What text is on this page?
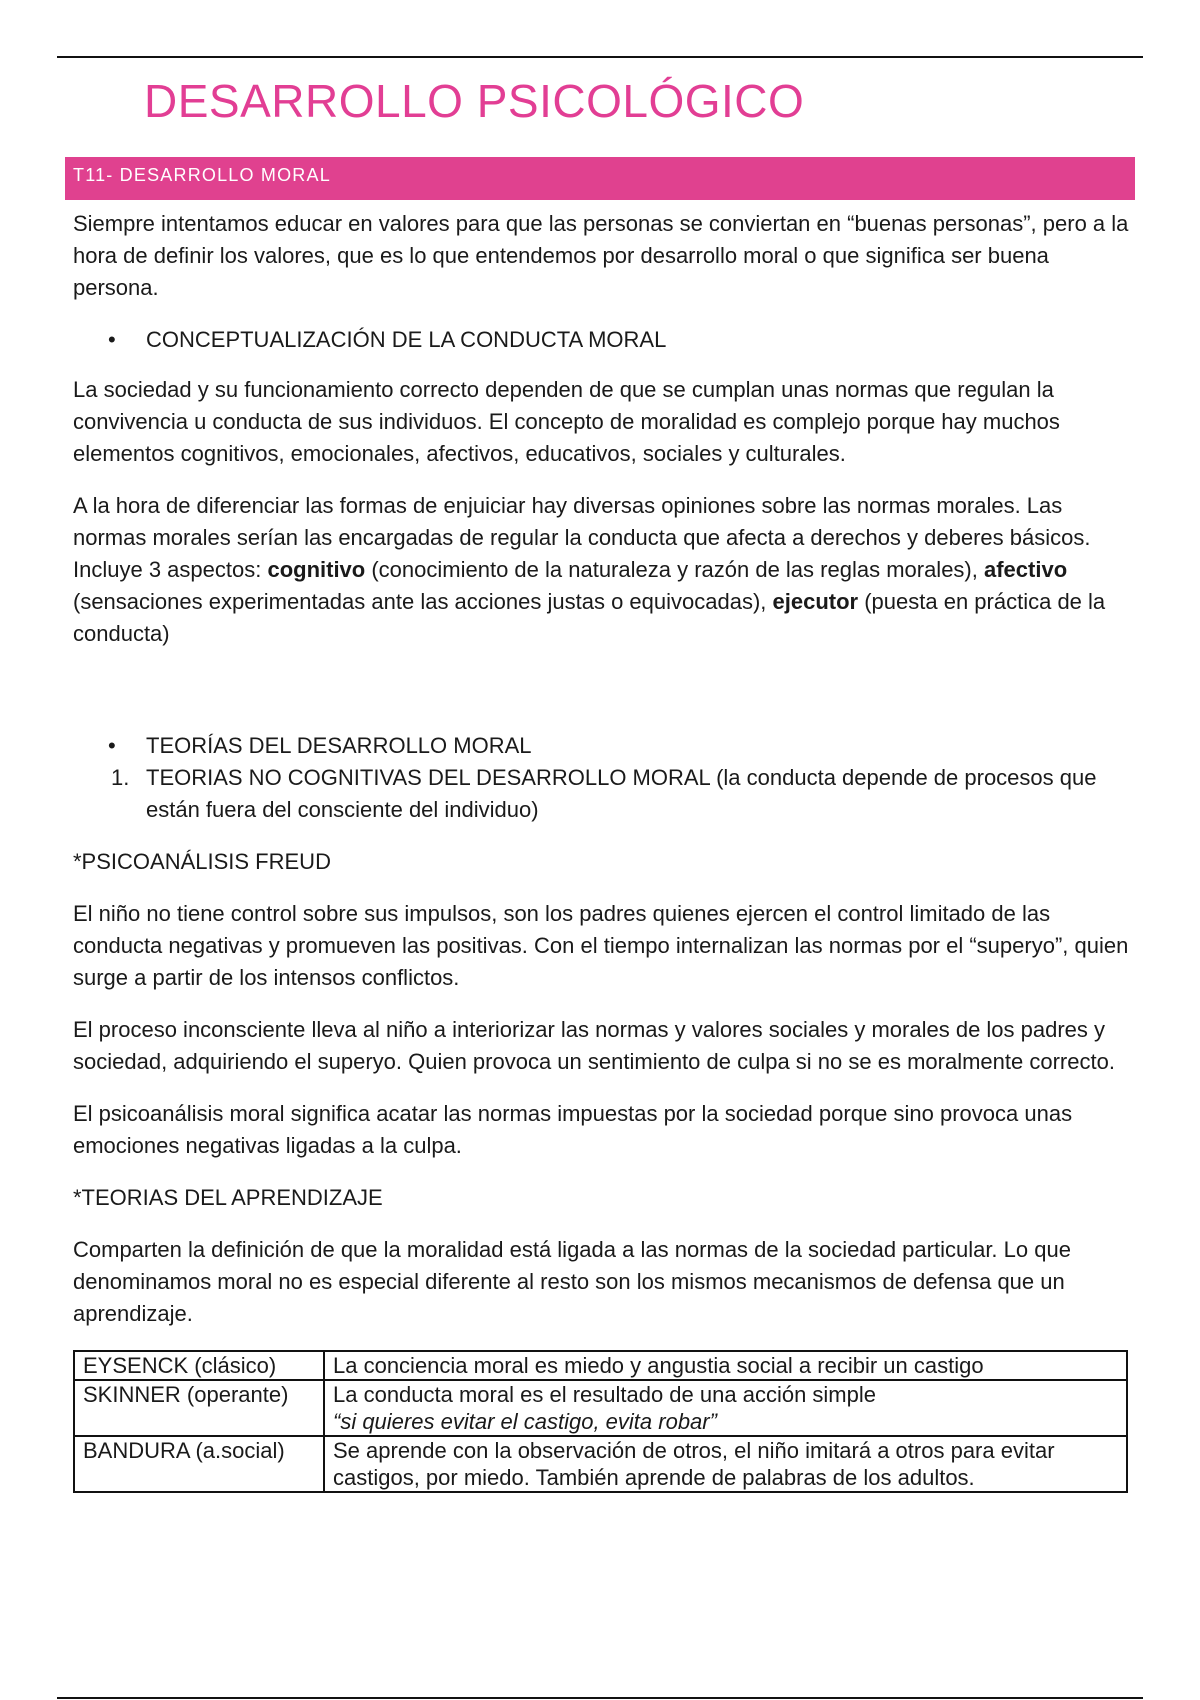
DESARROLLO PSICOLÓGICO
T11- DESARROLLO MORAL

Siempre intentamos educar en valores para que las personas se conviertan en “buenas personas”, pero a la hora de definir los valores, que es lo que entendemos por desarrollo moral o que significa ser buena persona.

• CONCEPTUALIZACIÓN DE LA CONDUCTA MORAL

La sociedad y su funcionamiento correcto dependen de que se cumplan unas normas que regulan la convivencia u conducta de sus individuos. El concepto de moralidad es complejo porque hay muchos elementos cognitivos, emocionales, afectivos, educativos, sociales y culturales.

A la hora de diferenciar las formas de enjuiciar hay diversas opiniones sobre las normas morales. Las normas morales serían las encargadas de regular la conducta que afecta a derechos y deberes básicos. Incluye 3 aspectos: cognitivo (conocimiento de la naturaleza y razón de las reglas morales), afectivo (sensaciones experimentadas ante las acciones justas o equivocadas), ejecutor (puesta en práctica de la conducta)

• TEORÍAS DEL DESARROLLO MORAL
1. TEORIAS NO COGNITIVAS DEL DESARROLLO MORAL (la conducta depende de procesos que están fuera del consciente del individuo)

*PSICOANÁLISIS FREUD

El niño no tiene control sobre sus impulsos, son los padres quienes ejercen el control limitado de las conducta negativas y promueven las positivas. Con el tiempo internalizan las normas por el “superyo”, quien surge a partir de los intensos conflictos.

El proceso inconsciente lleva al niño a interiorizar las normas y valores sociales y morales de los padres y sociedad, adquiriendo el superyo. Quien provoca un sentimiento de culpa si no se es moralmente correcto.

El psicoanálisis moral significa acatar las normas impuestas por la sociedad porque sino provoca unas emociones negativas ligadas a la culpa.

*TEORIAS DEL APRENDIZAJE

Comparten la definición de que la moralidad está ligada a las normas de la sociedad particular. Lo que denominamos moral no es especial diferente al resto son los mismos mecanismos de defensa que un aprendizaje.

EYSENCK (clásico)	La conciencia moral es miedo y angustia social a recibir un castigo
SKINNER (operante)	La conducta moral es el resultado de una acción simple
“si quieres evitar el castigo, evita robar”

BANDURA (a.social)	Se aprende con la observación de otros, el niño imitará a otros para evitar castigos, por miedo. También aprende de palabras de los adultos.
